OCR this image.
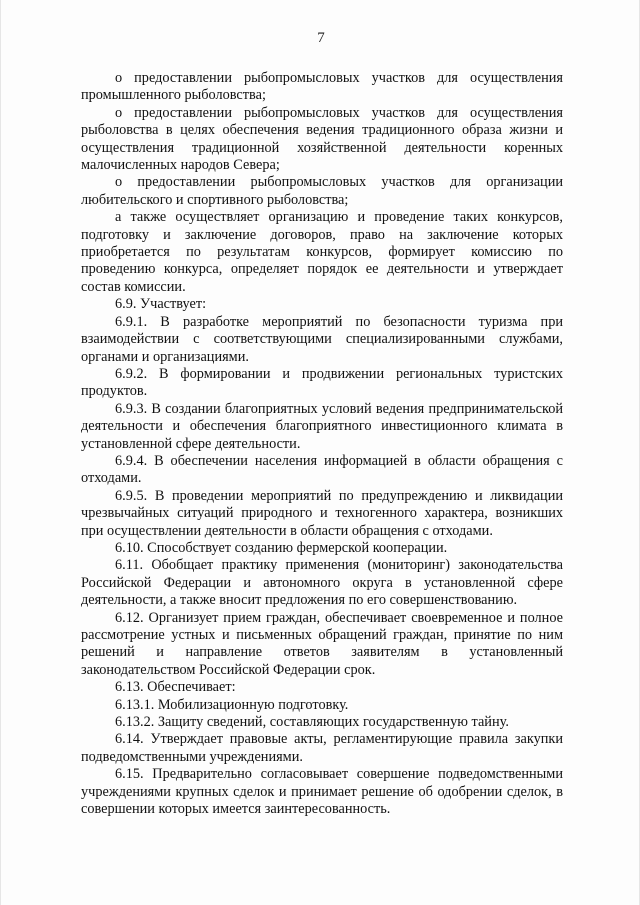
7

о предоставлении рыбопромысловых участков для осуществления промышленного рыболовства;

о предоставлении рыбопромысловых участков для осуществления рыболовства в целях обеспечения ведения традиционного образа жизни и осуществления традиционной хозяйственной деятельности коренных малочисленных народов Севера;

о предоставлении рыбопромысловых участков для организации любительского и спортивного рыболовства;

а также осуществляет организацию и проведение таких конкурсов, подготовку и заключение договоров, право на заключение которых приобретается по результатам конкурсов, формирует комиссию по проведению конкурса, определяет порядок ее деятельности и утверждает состав комиссии.

6.9. Участвует:

6.9.1. В разработке мероприятий по безопасности туризма при взаимодействии с соответствующими специализированными службами, органами и организациями.

6.9.2. В формировании и продвижении региональных туристских продуктов.

6.9.3. В создании благоприятных условий ведения предпринимательской деятельности и обеспечения благоприятного инвестиционного климата в установленной сфере деятельности.

6.9.4. В обеспечении населения информацией в области обращения с отходами.

6.9.5. В проведении мероприятий по предупреждению и ликвидации чрезвычайных ситуаций природного и техногенного характера, возникших при осуществлении деятельности в области обращения с отходами.

6.10. Способствует созданию фермерской кооперации.

6.11. Обобщает практику применения (мониторинг) законодательства Российской Федерации и автономного округа в установленной сфере деятельности, а также вносит предложения по его совершенствованию.

6.12. Организует прием граждан, обеспечивает своевременное и полное рассмотрение устных и письменных обращений граждан, принятие по ним решений и направление ответов заявителям в установленный законодательством Российской Федерации срок.

6.13. Обеспечивает:

6.13.1. Мобилизационную подготовку.

6.13.2. Защиту сведений, составляющих государственную тайну.

6.14. Утверждает правовые акты, регламентирующие правила закупки подведомственными учреждениями.

6.15. Предварительно согласовывает совершение подведомственными учреждениями крупных сделок и принимает решение об одобрении сделок, в совершении которых имеется заинтересованность.
